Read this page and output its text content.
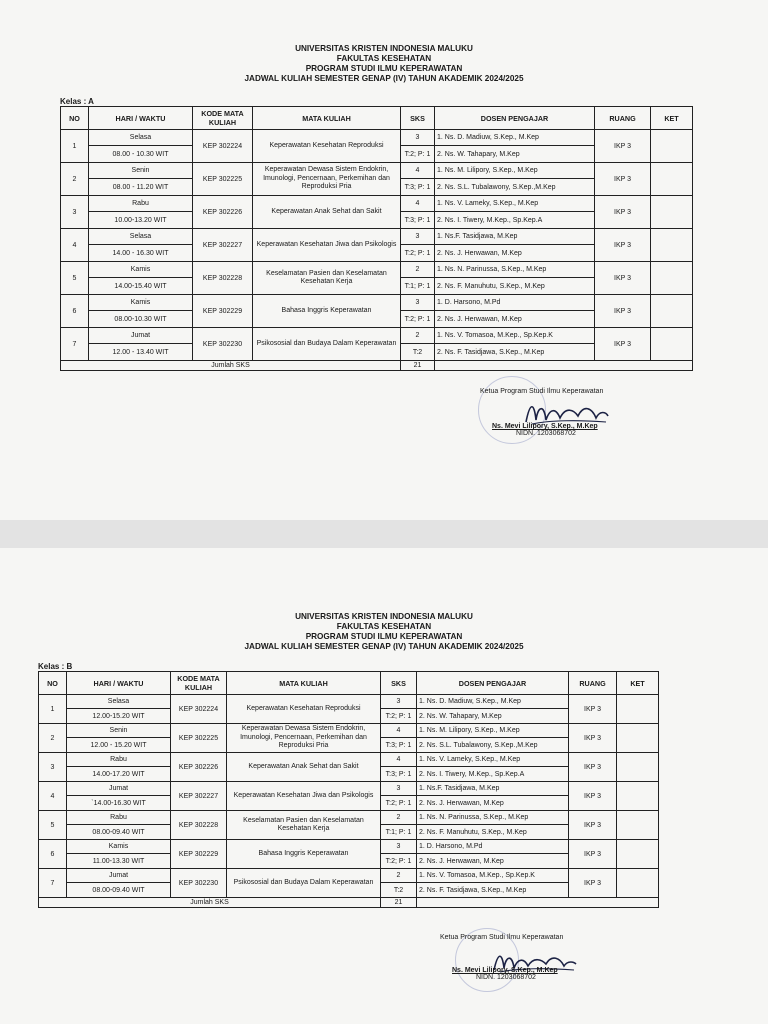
UNIVERSITAS KRISTEN INDONESIA MALUKU
FAKULTAS KESEHATAN
PROGRAM STUDI ILMU KEPERAWATAN
JADWAL KULIAH SEMESTER GENAP (IV) TAHUN AKADEMIK 2024/2025
Kelas : A
NO	HARI / WAKTU	KODE MATA KULIAH	MATA KULIAH	SKS	DOSEN PENGAJAR	RUANG	KET
1	Selasa	KEP 302224	Keperawatan Kesehatan Reproduksi	3	1. Ns. D. Madiuw, S.Kep., M.Kep	IKP 3	
	08.00 - 10.30 WIT			T:2; P: 1	2. Ns. W. Tahapary, M.Kep		
2	Senin	KEP 302225	Keperawatan Dewasa Sistem Endokrin, Imunologi, Pencernaan, Perkemihan dan Reproduksi Pria	4	1. Ns. M. Lilipory, S.Kep., M.Kep	IKP 3	
	08.00 - 11.20 WIT			T:3; P: 1	2. Ns. S.L. Tubalawony, S.Kep.,M.Kep		
3	Rabu	KEP 302226	Keperawatan Anak Sehat dan Sakit	4	1. Ns. V. Lameky, S.Kep., M.Kep	IKP 3	
	10.00-13.20 WIT			T:3; P: 1	2. Ns. I. Tiwery, M.Kep., Sp.Kep.A		
4	Selasa	KEP 302227	Keperawatan Kesehatan Jiwa dan Psikologis	3	1. Ns.F. Tasidjawa, M.Kep	IKP 3	
	14.00 - 16.30 WIT			T:2; P: 1	2. Ns. J. Herwawan, M.Kep		
5	Kamis	KEP 302228	Keselamatan Pasien dan Keselamatan Kesehatan Kerja	2	1. Ns. N. Parinussa, S.Kep., M.Kep	IKP 3	
	14.00-15.40 WIT			T:1; P: 1	2. Ns. F. Manuhutu, S.Kep., M.Kep		
6	Kamis	KEP 302229	Bahasa Inggris Keperawatan	3	1. D. Harsono, M.Pd	IKP 3	
	08.00-10.30 WIT			T:2; P: 1	2. Ns. J. Herwawan, M.Kep		
7	Jumat	KEP 302230	Psikososial dan Budaya Dalam Keperawatan	2	1. Ns. V. Tomasoa, M.Kep., Sp.Kep.K	IKP 3	
	12.00 - 13.40 WIT			T:2	2. Ns. F. Tasidjawa, S.Kep., M.Kep		
Jumlah SKS				21			
Ketua Program Studi Ilmu Keperawatan
Ns. Mevi Lilipory, S.Kep., M.Kep
NIDN. 1203068702
UNIVERSITAS KRISTEN INDONESIA MALUKU
FAKULTAS KESEHATAN
PROGRAM STUDI ILMU KEPERAWATAN
JADWAL KULIAH SEMESTER GENAP (IV) TAHUN AKADEMIK 2024/2025
Kelas : B
NO	HARI / WAKTU	KODE MATA KULIAH	MATA KULIAH	SKS	DOSEN PENGAJAR	RUANG	KET
1	Selasa	KEP 302224	Keperawatan Kesehatan Reproduksi	3	1. Ns. D. Madiuw, S.Kep., M.Kep	IKP 3	
	12.00-15.20 WIT			T:2; P: 1	2. Ns. W. Tahapary, M.Kep		
2	Senin	KEP 302225	Keperawatan Dewasa Sistem Endokrin, Imunologi, Pencernaan, Perkemihan dan Reproduksi Pria	4	1. Ns. M. Lilipory, S.Kep., M.Kep	IKP 3	
	12.00 - 15.20 WIT			T:3; P: 1	2. Ns. S.L. Tubalawony, S.Kep.,M.Kep		
3	Rabu	KEP 302226	Keperawatan Anak Sehat dan Sakit	4	1. Ns. V. Lameky, S.Kep., M.Kep	IKP 3	
	14.00-17.20 WIT			T:3; P: 1	2. Ns. I. Tiwery, M.Kep., Sp.Kep.A		
4	Jumat	KEP 302227	Keperawatan Kesehatan Jiwa dan Psikologis	3	1. Ns.F. Tasidjawa, M.Kep	IKP 3	
	`14.00-16.30 WIT			T:2; P: 1	2. Ns. J. Herwawan, M.Kep		
5	Rabu	KEP 302228	Keselamatan Pasien dan Keselamatan Kesehatan Kerja	2	1. Ns. N. Parinussa, S.Kep., M.Kep	IKP 3	
	08.00-09.40 WIT			T:1; P: 1	2. Ns. F. Manuhutu, S.Kep., M.Kep		
6	Kamis	KEP 302229	Bahasa Inggris Keperawatan	3	1. D. Harsono, M.Pd	IKP 3	
	11.00-13.30 WIT			T:2; P: 1	2. Ns. J. Herwawan, M.Kep		
7	Jumat	KEP 302230	Psikososial dan Budaya Dalam Keperawatan	2	1. Ns. V. Tomasoa, M.Kep., Sp.Kep.K	IKP 3	
	08.00-09.40 WIT			T:2	2. Ns. F. Tasidjawa, S.Kep., M.Kep		
Jumlah SKS				21			
Ketua Program Studi Ilmu Keperawatan
Ns. Mevi Lilipory, S.Kep., M.Kep
NIDN. 1203068702
